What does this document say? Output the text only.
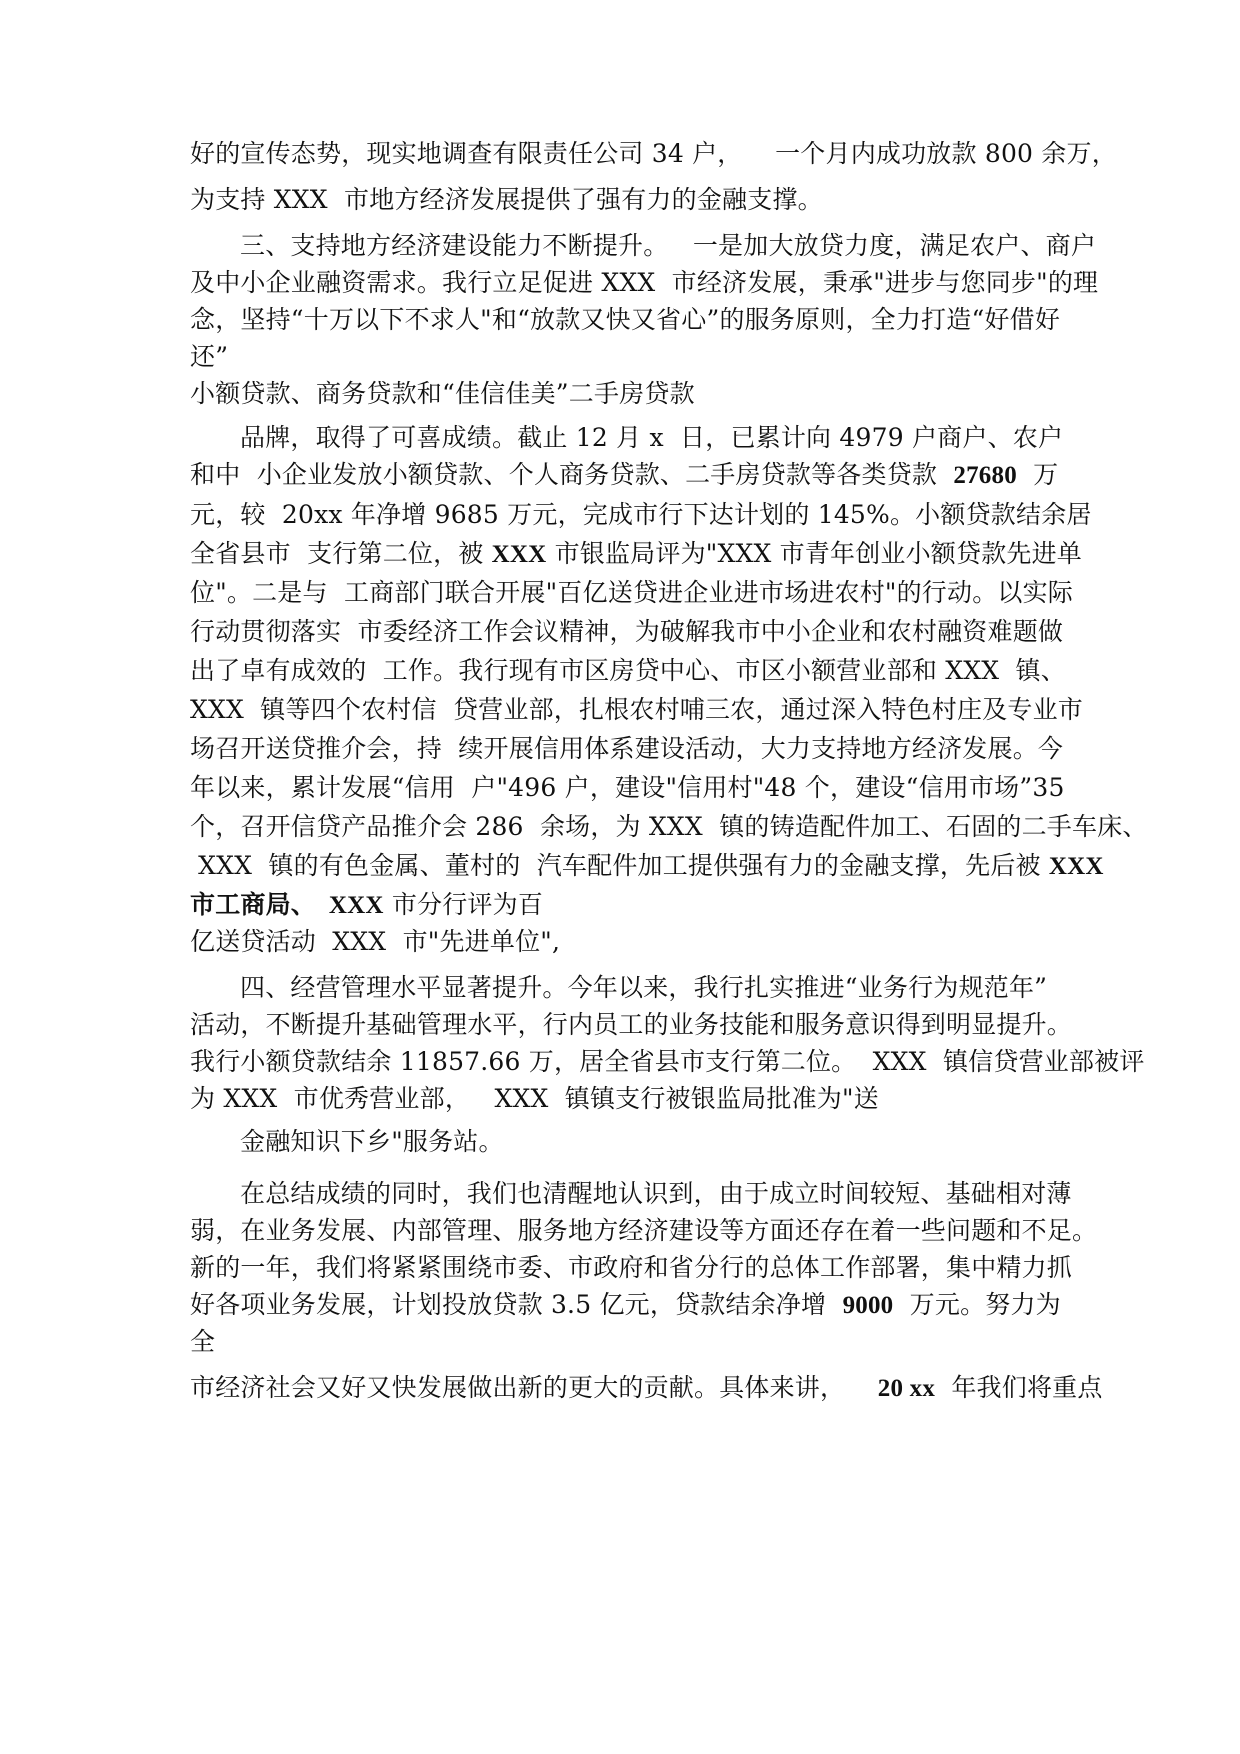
好的宣传态势，现实地调查有限责任公司 34 户，    一个月内成功放款 800 余万，
为支持 XXX  市地方经济发展提供了强有力的金融支撑。
三、支持地方经济建设能力不断提升。   一是加大放贷力度，满足农户、商户
及中小企业融资需求。我行立足促进 XXX  市经济发展，秉承"进步与您同步"的理
念，坚持“十万以下不求人"和“放款又快又省心”的服务原则，全力打造“好借好
还”
小额贷款、商务贷款和“佳信佳美”二手房贷款
品牌，取得了可喜成绩。截止 12 月 x  日，已累计向 4979 户商户、农户
和中  小企业发放小额贷款、个人商务贷款、二手房贷款等各类贷款  27680  万
元，较  20xx 年净增 9685 万元，完成市行下达计划的 145%。小额贷款结余居
全省县市  支行第二位，被 XXX 市银监局评为"XXX 市青年创业小额贷款先进单
位"。二是与  工商部门联合开展"百亿送贷进企业进市场进农村"的行动。以实际
行动贯彻落实  市委经济工作会议精神，为破解我市中小企业和农村融资难题做
出了卓有成效的  工作。我行现有市区房贷中心、市区小额营业部和 XXX  镇、
XXX  镇等四个农村信  贷营业部，扎根农村哺三农，通过深入特色村庄及专业市
场召开送贷推介会，持  续开展信用体系建设活动，大力支持地方经济发展。今
年以来，累计发展“信用  户"496 户，建设"信用村"48 个，建设“信用市场”35
个，召开信贷产品推介会 286  余场，为 XXX  镇的铸造配件加工、石固的二手车床、
XXX  镇的有色金属、董村的  汽车配件加工提供强有力的金融支撑，先后被 XXX
市工商局、  XXX 市分行评为百
亿送贷活动  XXX  市"先进单位",
四、经营管理水平显著提升。今年以来，我行扎实推进“业务行为规范年”
活动，不断提升基础管理水平，行内员工的业务技能和服务意识得到明显提升。
我行小额贷款结余 11857.66 万，居全省县市支行第二位。  XXX  镇信贷营业部被评
为 XXX  市优秀营业部，   XXX  镇镇支行被银监局批准为"送
金融知识下乡"服务站。
在总结成绩的同时，我们也清醒地认识到，由于成立时间较短、基础相对薄
弱，在业务发展、内部管理、服务地方经济建设等方面还存在着一些问题和不足。
新的一年，我们将紧紧围绕市委、市政府和省分行的总体工作部署，集中精力抓
好各项业务发展，计划投放贷款 3.5 亿元，贷款结余净增  9000  万元。努力为
全
市经济社会又好又快发展做出新的更大的贡献。具体来讲，    20 xx  年我们将重点
